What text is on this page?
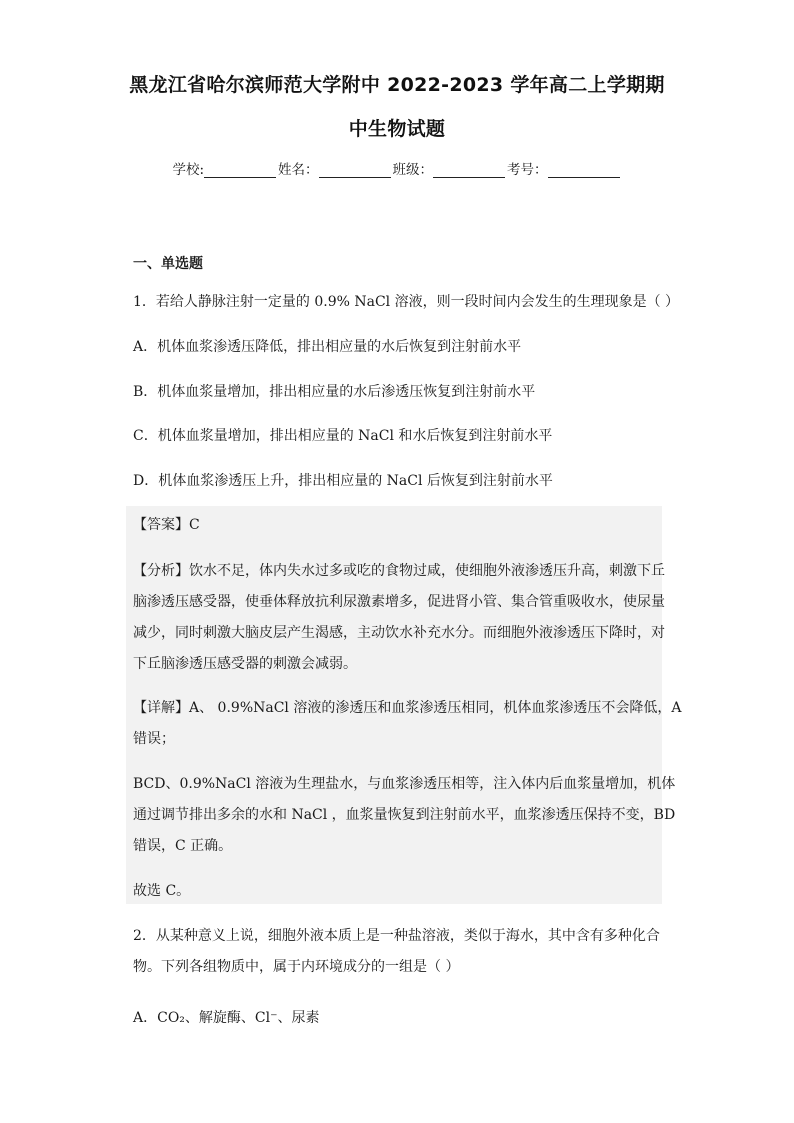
黑龙江省哈尔滨师范大学附中 2022-2023 学年高二上学期期
中生物试题
学校:	姓名：	班级：	考号：
一、单选题
1．若给人静脉注射一定量的 0.9% NaCl 溶液，则一段时间内会发生的生理现象是（ ）
A．机体血浆渗透压降低，排出相应量的水后恢复到注射前水平
B．机体血浆量增加，排出相应量的水后渗透压恢复到注射前水平
C．机体血浆量增加，排出相应量的 NaCl 和水后恢复到注射前水平
D．机体血浆渗透压上升，排出相应量的 NaCl 后恢复到注射前水平
【答案】C
【分析】饮水不足，体内失水过多或吃的食物过咸，使细胞外液渗透压升高，刺激下丘
脑渗透压感受器，使垂体释放抗利尿激素增多，促进肾小管、集合管重吸收水，使尿量
减少，同时刺激大脑皮层产生渴感，主动饮水补充水分。而细胞外液渗透压下降时，对
下丘脑渗透压感受器的刺激会减弱。
【详解】A、 0.9%NaCl 溶液的渗透压和血浆渗透压相同，机体血浆渗透压不会降低，A
错误；
BCD、0.9%NaCl 溶液为生理盐水，与血浆渗透压相等，注入体内后血浆量增加，机体
通过调节排出多余的水和 NaCl ，血浆量恢复到注射前水平，血浆渗透压保持不变，BD
错误，C 正确。
故选 C。
2．从某种意义上说，细胞外液本质上是一种盐溶液，类似于海水，其中含有多种化合
物。下列各组物质中，属于内环境成分的一组是（ ）
A．CO₂、解旋酶、Cl⁻、尿素
